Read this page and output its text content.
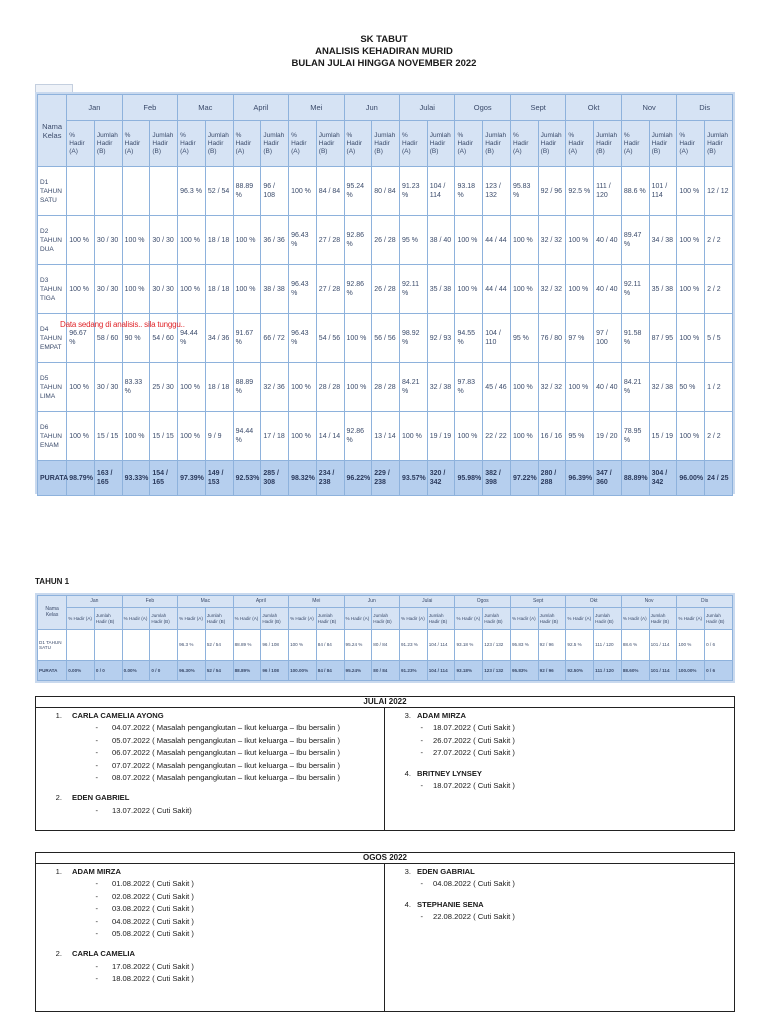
SK TABUT
ANALISIS KEHADIRAN MURID
BULAN JULAI HINGGA NOVEMBER 2022
Nama Kelas	Jan		Feb		Mac		April		Mei		Jun		Julai		Ogos		Sept		Okt		Nov		Dis	
	% Hadir (A)	Jumlah Hadir (B)	% Hadir (A)	Jumlah Hadir (B)	% Hadir (A)	Jumlah Hadir (B)	% Hadir (A)	Jumlah Hadir (B)	% Hadir (A)	Jumlah Hadir (B)	% Hadir (A)	Jumlah Hadir (B)	% Hadir (A)	Jumlah Hadir (B)	% Hadir (A)	Jumlah Hadir (B)	% Hadir (A)	Jumlah Hadir (B)	% Hadir (A)	Jumlah Hadir (B)	% Hadir (A)	Jumlah Hadir (B)	% Hadir (A)	Jumlah Hadir (B)
D1 TAHUN SATU					96.3 %	52 / 54	88.89 %	96 / 108	100 %	84 / 84	95.24 %	80 / 84	91.23 %	104 / 114	93.18 %	123 / 132	95.83 %	92 / 96	92.5 %	111 / 120	88.6 %	101 / 114	100 %	12 / 12
D2 TAHUN DUA	100 %	30 / 30	100 %	30 / 30	100 %	18 / 18	100 %	36 / 36	96.43 %	27 / 28	92.86 %	26 / 28	95 %	38 / 40	100 %	44 / 44	100 %	32 / 32	100 %	40 / 40	89.47 %	34 / 38	100 %	2 / 2
D3 TAHUN TIGA	100 %	30 / 30	100 %	30 / 30	100 %	18 / 18	100 %	38 / 38	96.43 %	27 / 28	92.86 %	26 / 28	92.11 %	35 / 38	100 %	44 / 44	100 %	32 / 32	100 %	40 / 40	92.11 %	35 / 38	100 %	2 / 2
D4 TAHUN EMPAT	96.67 %	58 / 60	90 %	54 / 60	94.44 %	34 / 36	91.67 %	66 / 72	96.43 %	54 / 56	100 %	56 / 56	98.92 %	92 / 93	94.55 %	104 / 110	95 %	76 / 80	97 %	97 / 100	91.58 %	87 / 95	100 %	5 / 5
D5 TAHUN LIMA	100 %	30 / 30	83.33 %	25 / 30	100 %	18 / 18	88.89 %	32 / 36	100 %	28 / 28	100 %	28 / 28	84.21 %	32 / 38	97.83 %	45 / 46	100 %	32 / 32	100 %	40 / 40	84.21 %	32 / 38	50 %	1 / 2
D6 TAHUN ENAM	100 %	15 / 15	100 %	15 / 15	100 %	9 / 9	94.44 %	17 / 18	100 %	14 / 14	92.86 %	13 / 14	100 %	19 / 19	100 %	22 / 22	100 %	16 / 16	95 %	19 / 20	78.95 %	15 / 19	100 %	2 / 2
PURATA	98.79%	163 / 165	93.33%	154 / 165	97.39%	149 / 153	92.53%	285 / 308	98.32%	234 / 238	96.22%	229 / 238	93.57%	320 / 342	95.98%	382 / 398	97.22%	280 / 288	96.39%	347 / 360	88.89%	304 / 342	96.00%	24 / 25
Data sedang di analisis.. sila tunggu..
TAHUN 1
Nama Kelas	Jan		Feb		Mac		April		Mei		Jun		Julai		Ogos		Sept		Okt		Nov		Dis	
	% Hadir (A)	Jumlah Hadir (B)	% Hadir (A)	Jumlah Hadir (B)	% Hadir (A)	Jumlah Hadir (B)	% Hadir (A)	Jumlah Hadir (B)	% Hadir (A)	Jumlah Hadir (B)	% Hadir (A)	Jumlah Hadir (B)	% Hadir (A)	Jumlah Hadir (B)	% Hadir (A)	Jumlah Hadir (B)	% Hadir (A)	Jumlah Hadir (B)	% Hadir (A)	Jumlah Hadir (B)	% Hadir (A)	Jumlah Hadir (B)	% Hadir (A)	Jumlah Hadir (B)
D1 TAHUN SATU					96.3 %	52 / 54	88.89 %	96 / 108	100 %	84 / 84	95.24 %	80 / 84	91.23 %	104 / 114	93.18 %	123 / 132	95.83 %	92 / 96	92.5 %	111 / 120	88.6 %	101 / 114	100 %	0 / 6
PURATA	0.00%	0 / 0	0.00%	0 / 0	96.30%	52 / 54	88.89%	96 / 108	100.00%	84 / 84	95.24%	80 / 84	91.23%	104 / 114	93.18%	123 / 132	95.83%	92 / 96	92.50%	111 / 120	88.60%	101 / 114	100.00%	0 / 6
JULAI 2022
1.	CARLA CAMELIA AYONG
-	04.07.2022 ( Masalah pengangkutan – Ikut keluarga – Ibu bersalin )
-	05.07.2022 ( Masalah pengangkutan – Ikut keluarga – Ibu bersalin )
-	06.07.2022 ( Masalah pengangkutan – Ikut keluarga – Ibu bersalin )
-	07.07.2022 ( Masalah pengangkutan – Ikut keluarga – Ibu bersalin )
-	08.07.2022 ( Masalah pengangkutan – Ikut keluarga – Ibu bersalin )
2.	EDEN GABRIEL
-	13.07.2022 ( Cuti Sakit)
3. ADAM MIRZA
-	18.07.2022 ( Cuti Sakit )
-	26.07.2022 ( Cuti Sakit )
-	27.07.2022 ( Cuti Sakit )
4. BRITNEY LYNSEY
-	18.07.2022 ( Cuti Sakit )
OGOS 2022
1.	ADAM MIRZA
-	01.08.2022 ( Cuti Sakit )
-	02.08.2022 ( Cuti Sakit )
-	03.08.2022 ( Cuti Sakit )
-	04.08.2022 ( Cuti Sakit )
-	05.08.2022 ( Cuti Sakit )
2.	CARLA CAMELIA
-	17.08.2022 ( Cuti Sakit )
-	18.08.2022 ( Cuti Sakit )
3. EDEN GABRIAL
-	04.08.2022 ( Cuti Sakit )
4. STEPHANIE SENA
-	22.08.2022 ( Cuti Sakit )
